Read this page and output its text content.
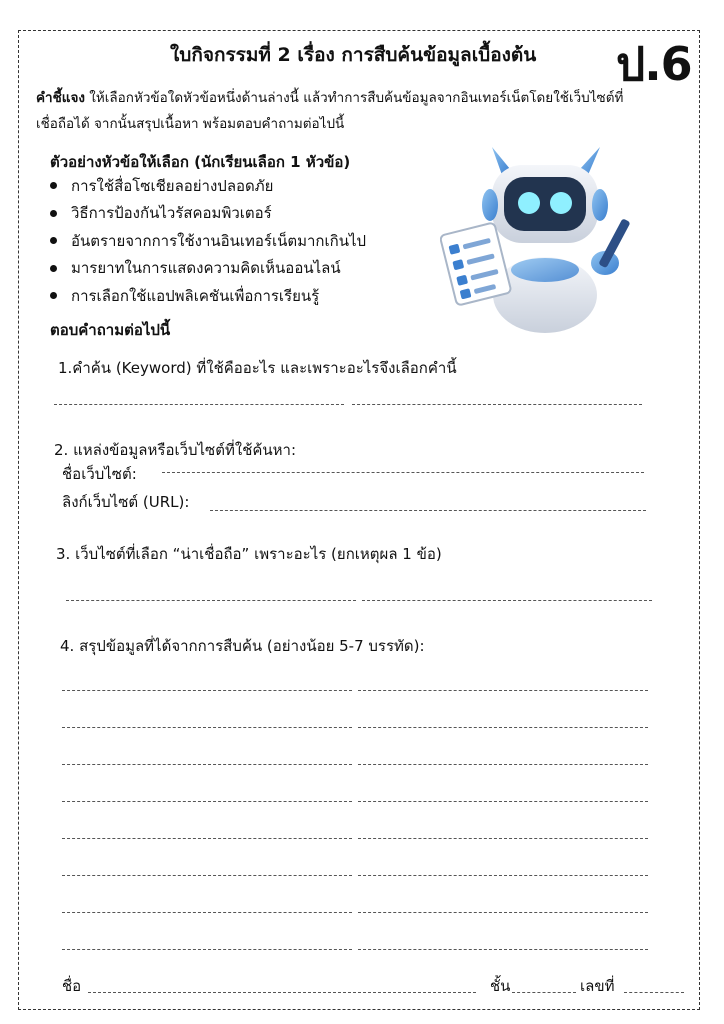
ใบกิจกรรมที่ 2 เรื่อง การสืบค้นข้อมูลเบื้องต้น ป.6
คำชี้แจง ให้เลือกหัวข้อใดหัวข้อหนึ่งด้านล่างนี้ แล้วทำการสืบค้นข้อมูลจากอินเทอร์เน็ตโดยใช้เว็บไซต์ที่
เชื่อถือได้ จากนั้นสรุปเนื้อหา พร้อมตอบคำถามต่อไปนี้
ตัวอย่างหัวข้อให้เลือก (นักเรียนเลือก 1 หัวข้อ)
การใช้สื่อโซเชียลอย่างปลอดภัย
วิธีการป้องกันไวรัสคอมพิวเตอร์
อันตรายจากการใช้งานอินเทอร์เน็ตมากเกินไป
มารยาทในการแสดงความคิดเห็นออนไลน์
การเลือกใช้แอปพลิเคชันเพื่อการเรียนรู้
ตอบคำถามต่อไปนี้
1.คำค้น (Keyword) ที่ใช้คืออะไร และเพราะอะไรจึงเลือกคำนี้
2. แหล่งข้อมูลหรือเว็บไซต์ที่ใช้ค้นหา:
ชื่อเว็บไซต์:
ลิงก์เว็บไซต์ (URL):
3. เว็บไซต์ที่เลือก “น่าเชื่อถือ” เพราะอะไร (ยกเหตุผล 1 ข้อ)
4. สรุปข้อมูลที่ได้จากการสืบค้น (อย่างน้อย 5-7 บรรทัด):
ชื่อ	ชั้น	เลขที่
